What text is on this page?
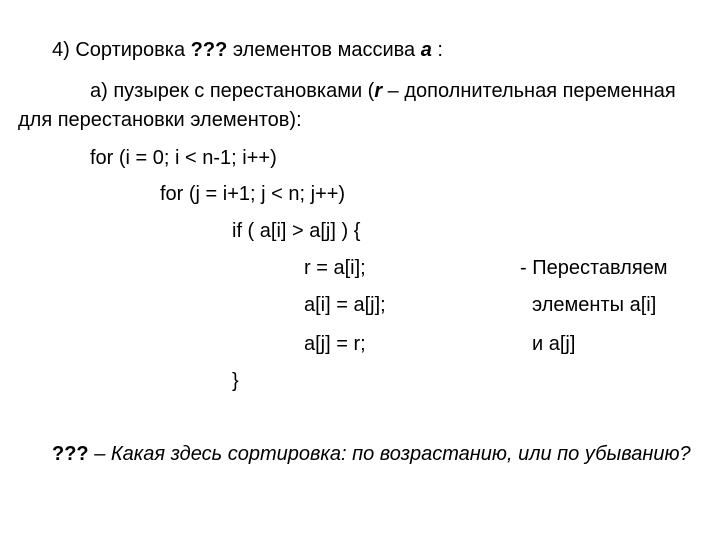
4) Сортировка ??? элементов массива a :
а) пузырек с перестановками (r – дополнительная переменная для перестановки элементов):
for (i = 0; i < n-1; i++)
for (j = i+1; j < n; j++)
if ( a[i] > a[j] ) {
r = a[i];
a[i] = a[j];
a[j] = r;
}
- Переставляем
элементы a[i]
и a[j]
??? – Какая здесь сортировка: по возрастанию, или по убыванию?
